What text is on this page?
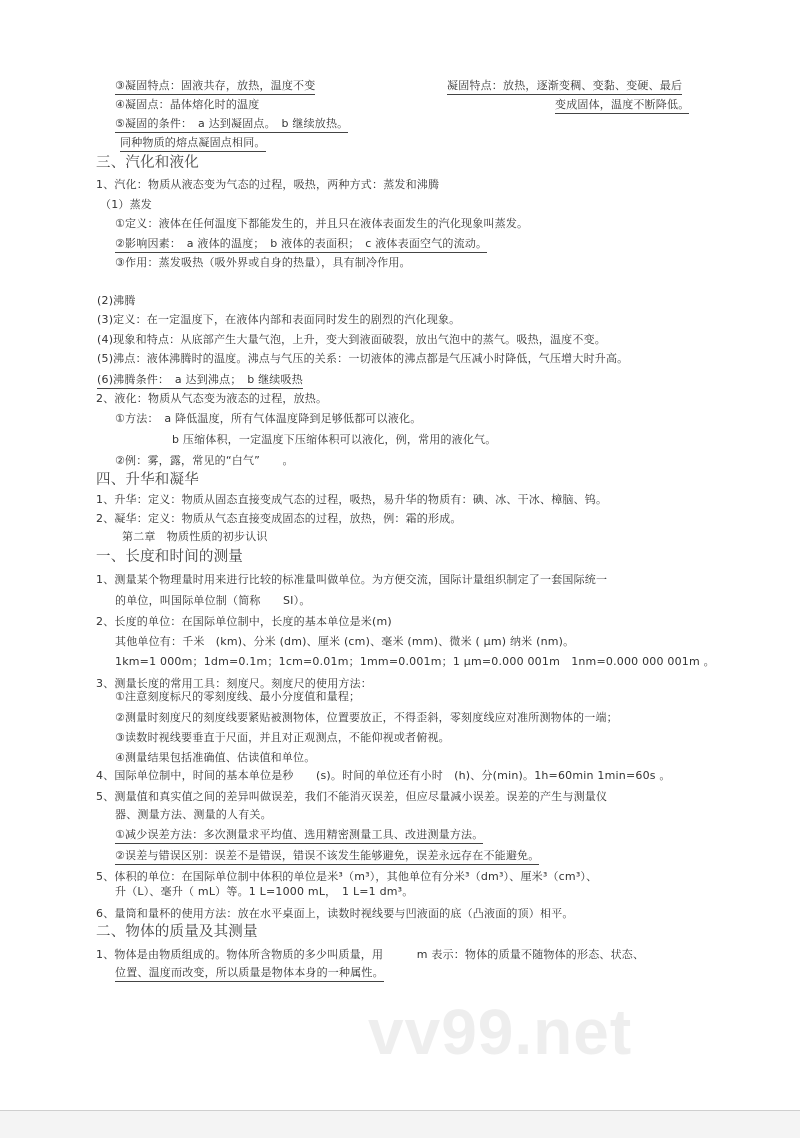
③凝固特点：固液共存，放热，温度不变	凝固特点：放热，逐渐变稠、变黏、变硬、最后
④凝固点：晶体熔化时的温度	变成固体，温度不断降低。
⑤凝固的条件：　a 达到凝固点。　b 继续放热。
同种物质的熔点凝固点相同。
三、汽化和液化
1、汽化：物质从液态变为气态的过程，吸热，两种方式：蒸发和沸腾
（1）蒸发
①定义：液体在任何温度下都能发生的，并且只在液体表面发生的汽化现象叫蒸发。
②影响因素：　a 液体的温度；　b 液体的表面积；　c 液体表面空气的流动。
③作用：蒸发吸热（吸外界或自身的热量），具有制冷作用。
(2)沸腾
(3)定义：在一定温度下，在液体内部和表面同时发生的剧烈的汽化现象。
(4)现象和特点：从底部产生大量气泡，上升，变大到液面破裂，放出气泡中的蒸气。吸热，温度不变。
(5)沸点：液体沸腾时的温度。沸点与气压的关系：一切液体的沸点都是气压减小时降低，气压增大时升高。
(6)沸腾条件：　a 达到沸点；　b 继续吸热
2、液化：物质从气态变为液态的过程，放热。
①方法：　a 降低温度，所有气体温度降到足够低都可以液化。
b 压缩体积，一定温度下压缩体积可以液化，例，常用的液化气。
②例：雾，露，常见的“白气”　　。
四、升华和凝华
1、升华：定义：物质从固态直接变成气态的过程，吸热，易升华的物质有：碘、冰、干冰、樟脑、钨。
2、凝华：定义：物质从气态直接变成固态的过程，放热，例：霜的形成。
第二章　物质性质的初步认识
一、长度和时间的测量
1、测量某个物理量时用来进行比较的标准量叫做单位。为方便交流，国际计量组织制定了一套国际统一
的单位，叫国际单位制（简称　　SI）。
2、长度的单位：在国际单位制中，长度的基本单位是米(m)
其他单位有：千米　(km)、分米 (dm)、厘米 (cm)、毫米 (mm)、微米 ( μm) 纳米 (nm)。
1km=1 000m；1dm=0.1m；1cm=0.01m；1mm=0.001m；1 μm=0.000 001m　1nm=0.000 000 001m 。
3、测量长度的常用工具：刻度尺。刻度尺的使用方法：
①注意刻度标尺的零刻度线、最小分度值和量程；
②测量时刻度尺的刻度线要紧贴被测物体，位置要放正，不得歪斜，零刻度线应对准所测物体的一端；
③读数时视线要垂直于尺面，并且对正观测点，不能仰视或者俯视。
④测量结果包括准确值、估读值和单位。
4、国际单位制中，时间的基本单位是秒　　(s)。时间的单位还有小时　(h)、分(min)。1h=60min 1min=60s 。
5、测量值和真实值之间的差异叫做误差，我们不能消灭误差，但应尽量减小误差。误差的产生与测量仪
器、测量方法、测量的人有关。
①减少误差方法：多次测量求平均值、选用精密测量工具、改进测量方法。
②误差与错误区别：误差不是错误，错误不该发生能够避免，误差永远存在不能避免。
5、体积的单位：在国际单位制中体积的单位是米³（m³），其他单位有分米³（dm³）、厘米³（cm³）、
升（L）、毫升（ mL）等。1 L=1000 mL，　1 L=1 dm³。
6、量筒和量杯的使用方法：放在水平桌面上，读数时视线要与凹液面的底（凸液面的顶）相平。
二、物体的质量及其测量
1、物体是由物质组成的。物体所含物质的多少叫质量，用　　　m 表示：物体的质量不随物体的形态、状态、
位置、温度而改变，所以质量是物体本身的一种属性。
vv99.net
